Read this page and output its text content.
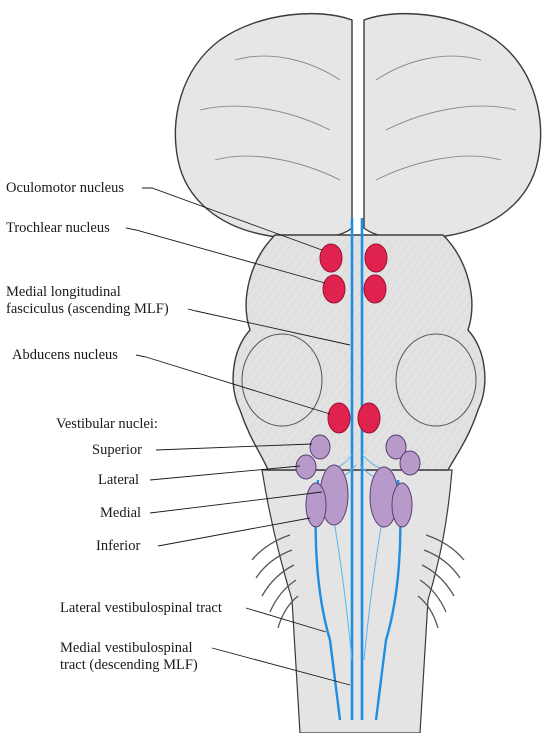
Oculomotor nucleus
Trochlear nucleus
Medial longitudinal
fasciculus (ascending MLF)
Abducens nucleus
Vestibular nuclei:
Superior
Lateral
Medial
Inferior
Lateral vestibulospinal tract
Medial vestibulospinal
tract (descending MLF)
